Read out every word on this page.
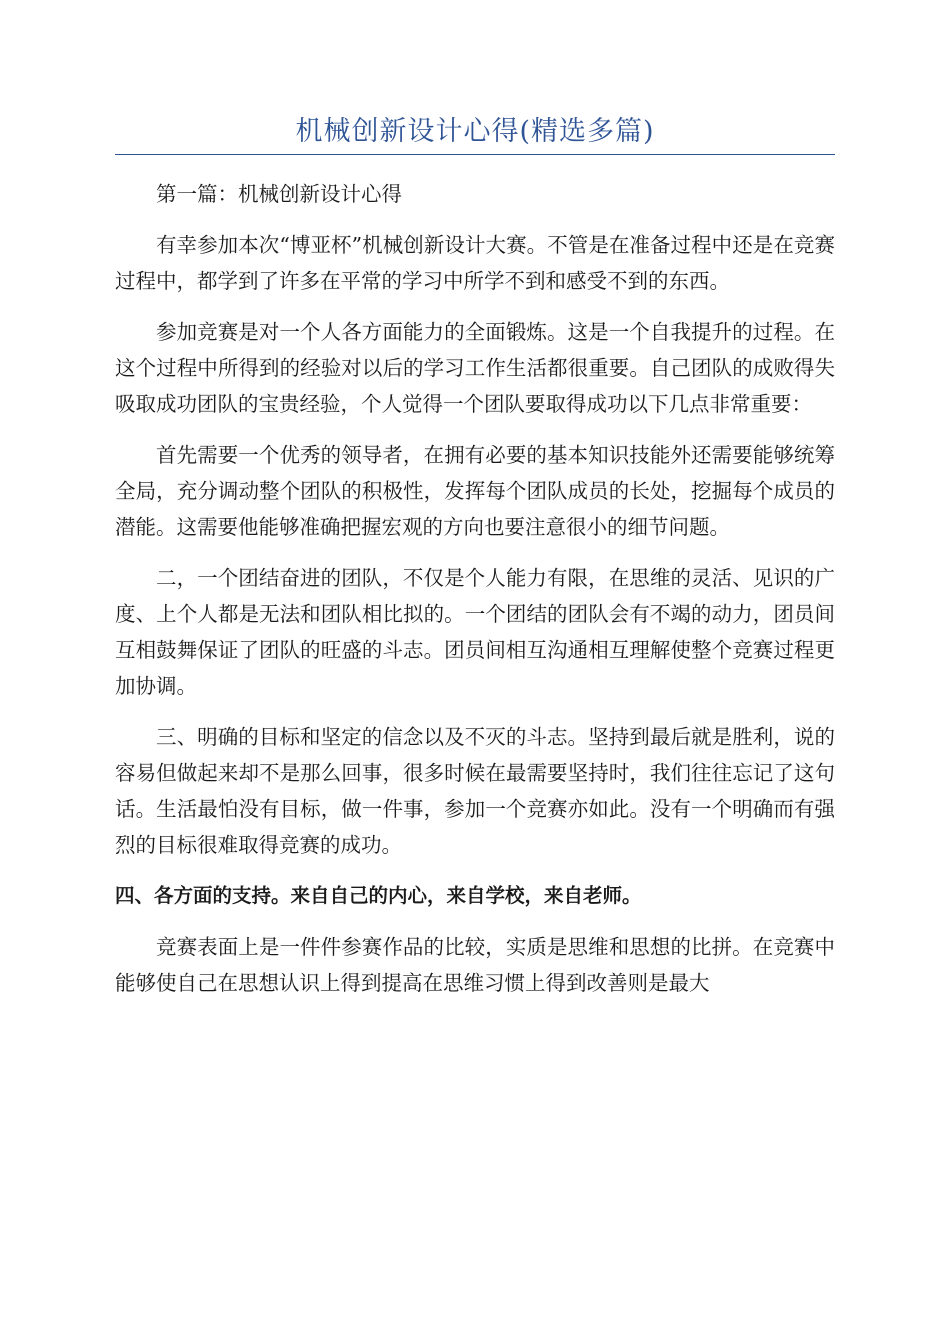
机械创新设计心得(精选多篇)

第一篇：机械创新设计心得

有幸参加本次“博亚杯”机械创新设计大赛。不管是在准备过程中还是在竞赛过程中，都学到了许多在平常的学习中所学不到和感受不到的东西。

参加竞赛是对一个人各方面能力的全面锻炼。这是一个自我提升的过程。在这个过程中所得到的经验对以后的学习工作生活都很重要。自己团队的成败得失吸取成功团队的宝贵经验，个人觉得一个团队要取得成功以下几点非常重要：

首先需要一个优秀的领导者，在拥有必要的基本知识技能外还需要能够统筹全局，充分调动整个团队的积极性，发挥每个团队成员的长处，挖掘每个成员的潜能。这需要他能够准确把握宏观的方向也要注意很小的细节问题。

二，一个团结奋进的团队，不仅是个人能力有限，在思维的灵活、见识的广度、上个人都是无法和团队相比拟的。一个团结的团队会有不竭的动力，团员间互相鼓舞保证了团队的旺盛的斗志。团员间相互沟通相互理解使整个竞赛过程更加协调。

三、明确的目标和坚定的信念以及不灭的斗志。坚持到最后就是胜利，说的容易但做起来却不是那么回事，很多时候在最需要坚持时，我们往往忘记了这句话。生活最怕没有目标，做一件事，参加一个竞赛亦如此。没有一个明确而有强烈的目标很难取得竞赛的成功。

四、各方面的支持。来自自己的内心，来自学校，来自老师。

竞赛表面上是一件件参赛作品的比较，实质是思维和思想的比拼。在竞赛中能够使自己在思想认识上得到提高在思维习惯上得到改善则是最大
